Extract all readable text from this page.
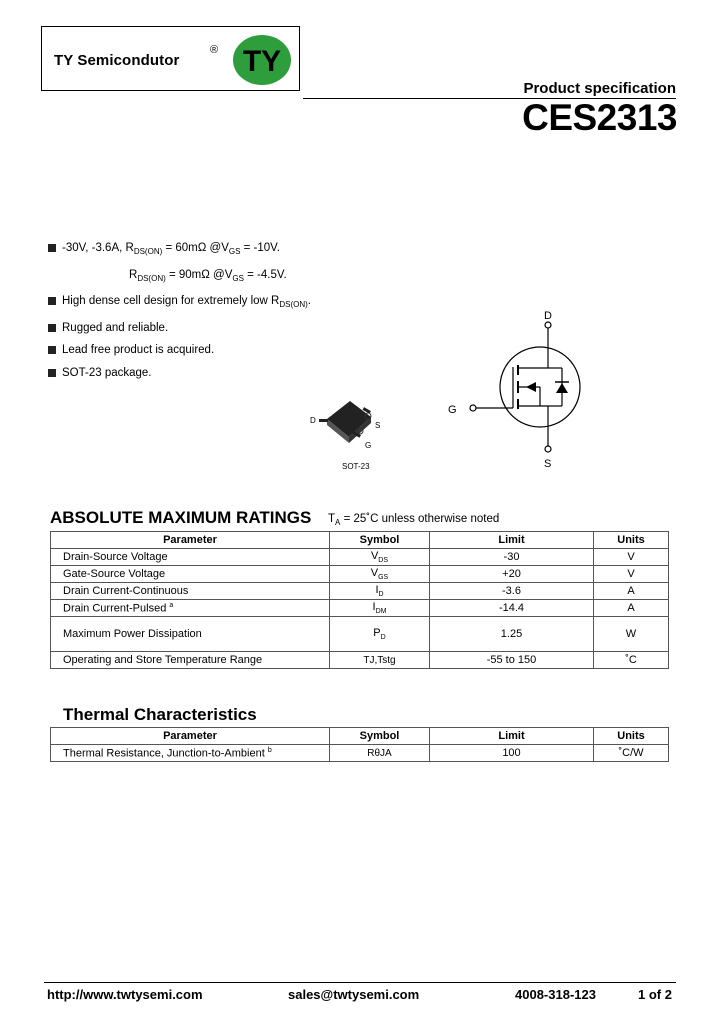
TY Semicondutor
® TY
Product specification
CES2313
-30V, -3.6A, $R_{DS(ON)} = 60m\Omega$ $@V_{GS} = -10V$.
$R_{DS(ON)} = 90m\Omega$ $@V_{GS} = -4.5V$.
High dense cell design for extremely low $R_{DS(ON)}$.
Rugged and reliable.
Lead free product is acquired.
SOT-23 package.
D
S
G
SOT-23
D
G
S
ABSOLUTE MAXIMUM RATINGS $T_A$ = 25˚C unless otherwise noted
Parameter	Symbol	Limit	Units
Drain-Source Voltage	$V_{DS}$	-30	V
Gate-Source Voltage	$V_{GS}$	+20	V
Drain Current-Continuous	$I_D$	-3.6	A
Drain Current-Pulsed $^a$	$I_{DM}$	-14.4	A
Maximum Power Dissipation	$P_D$	1.25	W
Operating and Store Temperature Range	TJ,Tstg	-55 to 150	˚C
Thermal Characteristics
Parameter	Symbol	Limit	Units
Thermal Resistance, Junction-to-Ambient $^b$	RθJA	100	˚C/W
http://www.twtysemi.com	sales@twtysemi.com	4008-318-123	1 of 2
